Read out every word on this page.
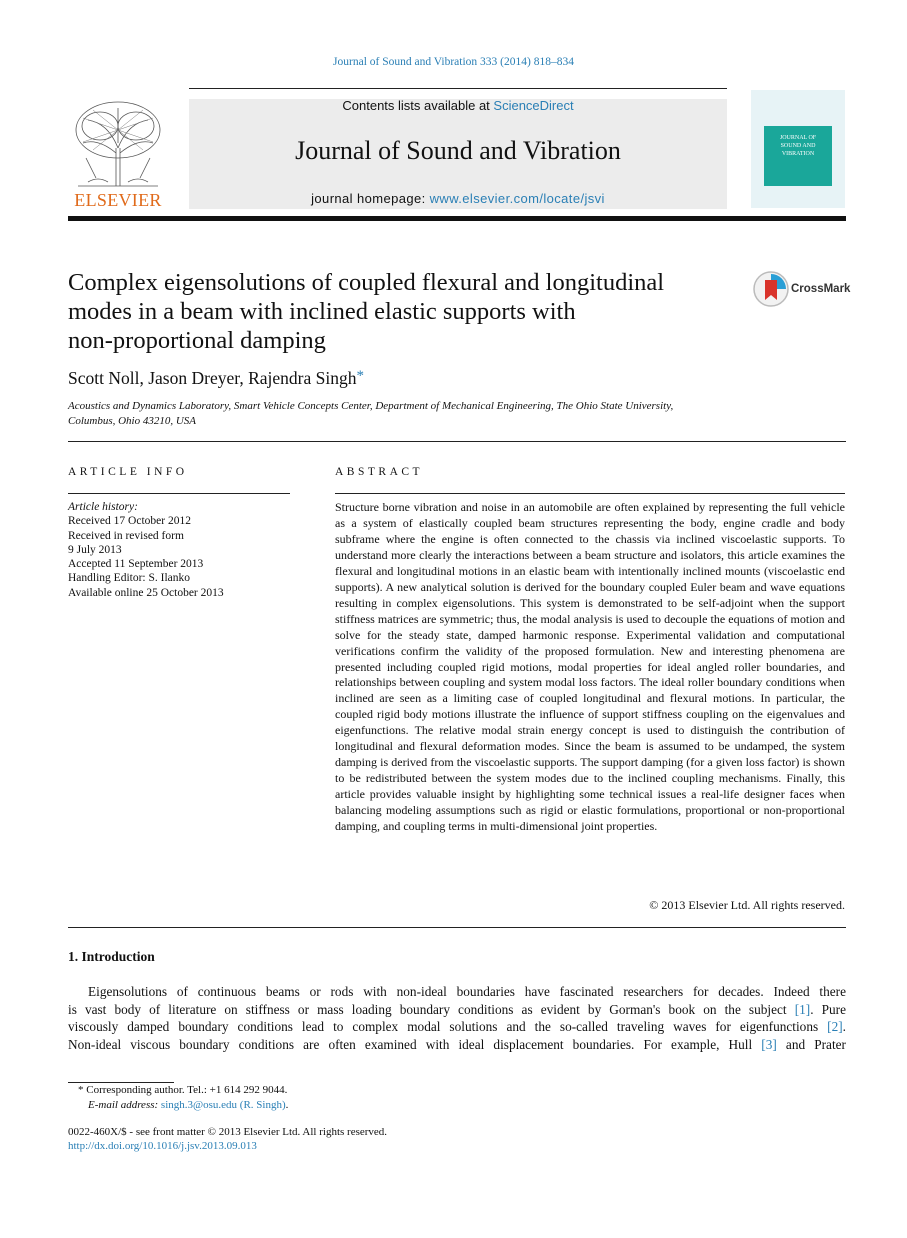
Journal of Sound and Vibration 333 (2014) 818–834
ELSEVIER
Contents lists available at ScienceDirect
Journal of Sound and Vibration
journal homepage: www.elsevier.com/locate/jsvi
JOURNAL OF
SOUND AND
VIBRATION
Complex eigensolutions of coupled flexural and longitudinal
modes in a beam with inclined elastic supports with
non-proportional damping
CrossMark
Scott Noll, Jason Dreyer, Rajendra Singh*
Acoustics and Dynamics Laboratory, Smart Vehicle Concepts Center, Department of Mechanical Engineering, The Ohio State University,
Columbus, Ohio 43210, USA
ARTICLE INFO

Article history:

Received 17 October 2012

Received in revised form

9 July 2013

Accepted 11 September 2013

Handling Editor: S. Ilanko

Available online 25 October 2013

ABSTRACT
Structure borne vibration and noise in an automobile are often explained by representing the full vehicle as a system of elastically coupled beam structures representing the body, engine cradle and body subframe where the engine is often connected to the chassis via inclined viscoelastic supports. To understand more clearly the interactions between a beam structure and isolators, this article examines the flexural and longitudinal motions in an elastic beam with intentionally inclined mounts (viscoelastic end supports). A new analytical solution is derived for the boundary coupled Euler beam and wave equations resulting in complex eigensolutions. This system is demonstrated to be self-adjoint when the support stiffness matrices are symmetric; thus, the modal analysis is used to decouple the equations of motion and solve for the steady state, damped harmonic response. Experimental validation and computational verifications confirm the validity of the proposed formulation. New and interesting phenomena are presented including coupled rigid motions, modal properties for ideal angled roller boundaries, and relationships between coupling and system modal loss factors. The ideal roller boundary conditions when inclined are seen as a limiting case of coupled longitudinal and flexural motions. In particular, the coupled rigid body motions illustrate the influence of support stiffness coupling on the eigenvalues and eigenfunctions. The relative modal strain energy concept is used to distinguish the contribution of longitudinal and flexural deformation modes. Since the beam is assumed to be undamped, the system damping is derived from the viscoelastic supports. The support damping (for a given loss factor) is shown to be redistributed between the system modes due to the inclined coupling mechanisms. Finally, this article provides valuable insight by highlighting some technical issues a real-life designer faces when balancing modeling assumptions such as rigid or elastic formulations, proportional or non-proportional damping, and coupling terms in multi-dimensional joint properties.
© 2013 Elsevier Ltd. All rights reserved.
1. Introduction
Eigensolutions of continuous beams or rods with non-ideal boundaries have fascinated researchers for decades. Indeed there
is vast body of literature on stiffness or mass loading boundary conditions as evident by Gorman's book on the subject [1]. Pure
viscously damped boundary conditions lead to complex modal solutions and the so-called traveling waves for eigenfunctions [2].
Non-ideal viscous boundary conditions are often examined with ideal displacement boundaries. For example, Hull [3] and Prater
* Corresponding author. Tel.: +1 614 292 9044.
E-mail address: singh.3@osu.edu (R. Singh).
0022-460X/$ - see front matter © 2013 Elsevier Ltd. All rights reserved.
http://dx.doi.org/10.1016/j.jsv.2013.09.013
